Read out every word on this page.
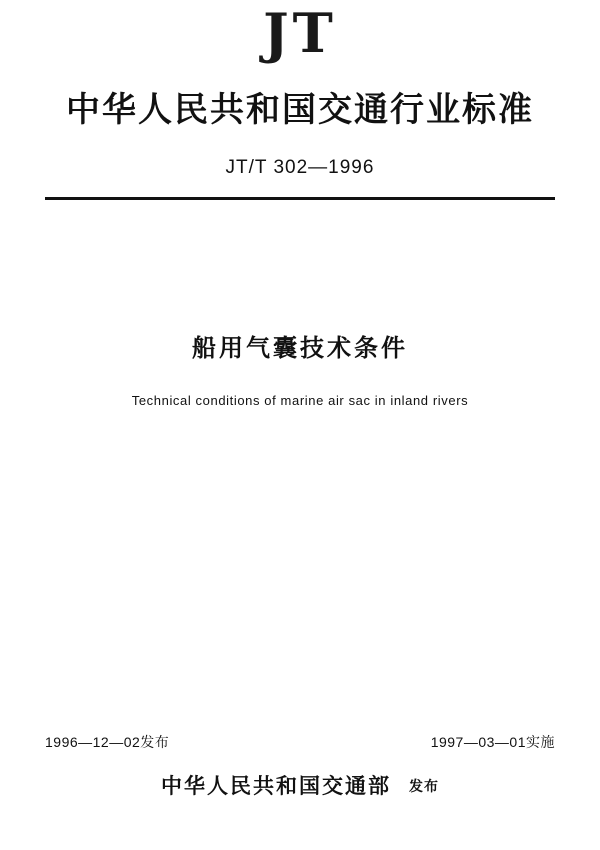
JT
中华人民共和国交通行业标准
JT/T 302—1996
船用气囊技术条件
Technical conditions of marine air sac in inland rivers
1996—12—02发布	1997—03—01实施
中华人民共和国交通部 发布
